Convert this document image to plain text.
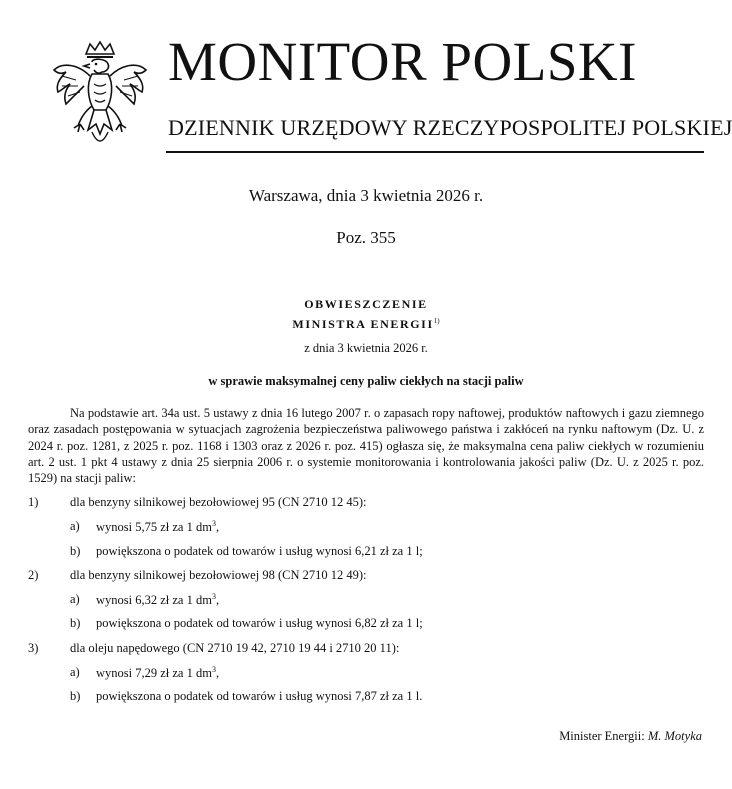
MONITOR POLSKI
DZIENNIK URZĘDOWY RZECZYPOSPOLITEJ POLSKIEJ
Warszawa, dnia 3 kwietnia 2026 r.
Poz. 355
OBWIESZCZENIE
MINISTRA ENERGII$^{1)}$
z dnia 3 kwietnia 2026 r.
w sprawie maksymalnej ceny paliw ciekłych na stacji paliw
Na podstawie art. 34a ust. 5 ustawy z dnia 16 lutego 2007 r. o zapasach ropy naftowej, produktów naftowych i gazu ziemnego oraz zasadach postępowania w sytuacjach zagrożenia bezpieczeństwa paliwowego państwa i zakłóceń na rynku naftowym (Dz. U. z 2024 r. poz. 1281, z 2025 r. poz. 1168 i 1303 oraz z 2026 r. poz. 415) ogłasza się, że maksymalna cena paliw ciekłych w rozumieniu art. 2 ust. 1 pkt 4 ustawy z dnia 25 sierpnia 2006 r. o systemie monitorowania i kontrolowania jakości paliw (Dz. U. z 2025 r. poz. 1529) na stacji paliw:
1)	dla benzyny silnikowej bezołowiowej 95 (CN 2710 12 45):
a) wynosi 5,75 zł za 1 $dm^3$,
b) powiększona o podatek od towarów i usług wynosi 6,21 zł za 1 l;
2)	dla benzyny silnikowej bezołowiowej 98 (CN 2710 12 49):
a) wynosi 6,32 zł za 1 $dm^3$,
b) powiększona o podatek od towarów i usług wynosi 6,82 zł za 1 l;
3)	dla oleju napędowego (CN 2710 19 42, 2710 19 44 i 2710 20 11):
a) wynosi 7,29 zł za 1 $dm^3$,
b) powiększona o podatek od towarów i usług wynosi 7,87 zł za 1 l.
Minister Energii: M. Motyka
